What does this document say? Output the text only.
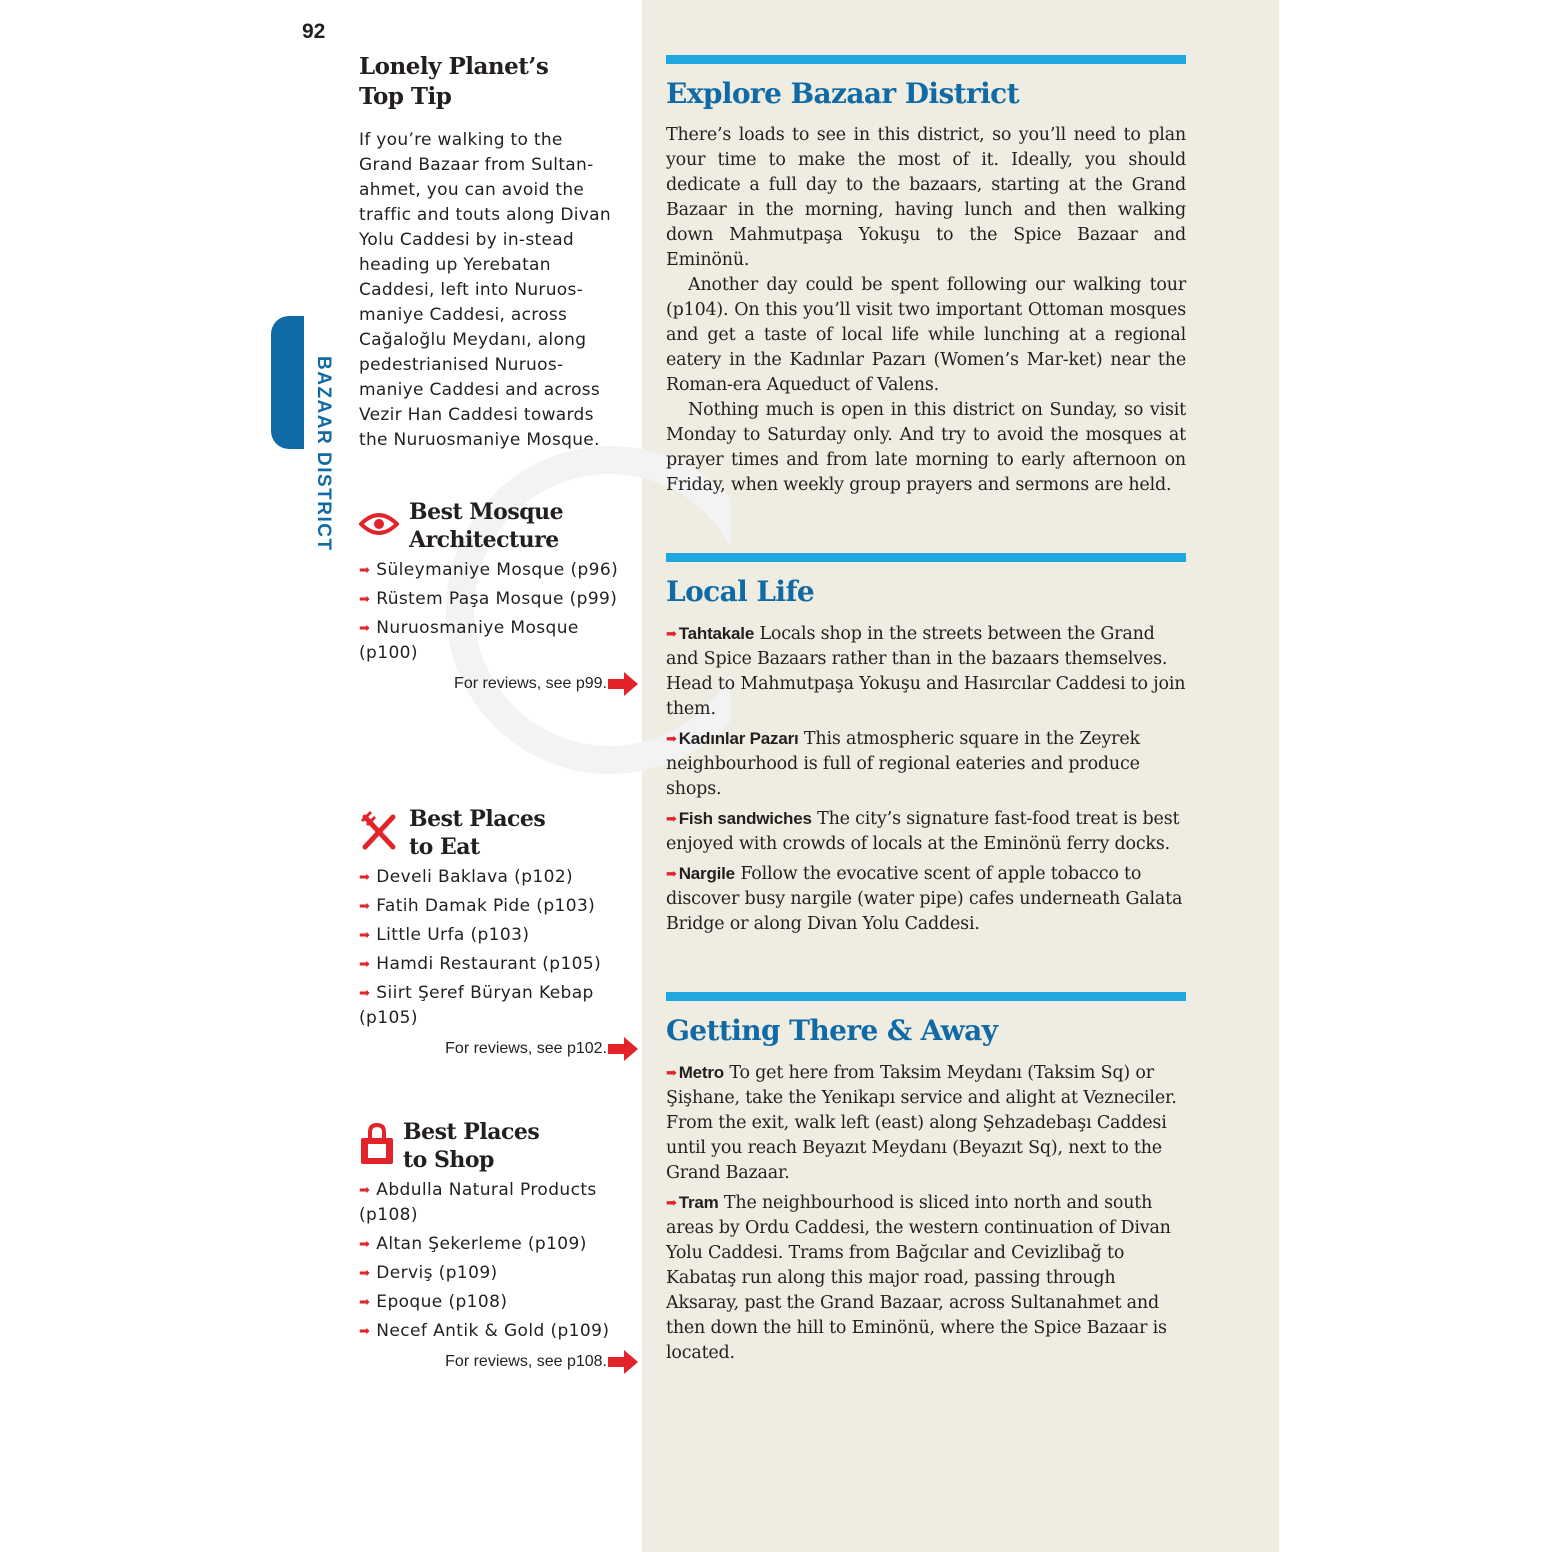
92
BAZAAR DISTRICT
Lonely Planet’s
Top Tip
If you’re walking to the Grand Bazaar from Sultan-ahmet, you can avoid the traffic and touts along Divan Yolu Caddesi by in-stead heading up Yerebatan Caddesi, left into Nuruos-maniye Caddesi, across Cağaloğlu Meydanı, along pedestrianised Nuruos-maniye Caddesi and across Vezir Han Caddesi towards the Nuruosmaniye Mosque.
Best Mosque
Architecture
➡ Süleymaniye Mosque (p96)
➡ Rüstem Paşa Mosque (p99)
➡ Nuruosmaniye Mosque (p100)
For reviews, see p99.
Best Places
to Eat
➡ Develi Baklava (p102)
➡ Fatih Damak Pide (p103)
➡ Little Urfa (p103)
➡ Hamdi Restaurant (p105)
➡ Siirt Şeref Büryan Kebap (p105)
For reviews, see p102.
Best Places
to Shop
➡ Abdulla Natural Products (p108)
➡ Altan Şekerleme (p109)
➡ Derviş (p109)
➡ Epoque (p108)
➡ Necef Antik & Gold (p109)
For reviews, see p108.
Explore Bazaar District

There’s loads to see in this district, so you’ll need to plan your time to make the most of it. Ideally, you should dedicate a full day to the bazaars, starting at the Grand Bazaar in the morning, having lunch and then walking down Mahmutpaşa Yokuşu to the Spice Bazaar and Eminönü.

Another day could be spent following our walking tour (p104). On this you’ll visit two important Ottoman mosques and get a taste of local life while lunching at a regional eatery in the Kadınlar Pazarı (Women’s Mar-ket) near the Roman-era Aqueduct of Valens.

Nothing much is open in this district on Sunday, so visit Monday to Saturday only. And try to avoid the mosques at prayer times and from late morning to early afternoon on Friday, when weekly group prayers and sermons are held.

Local Life
➡ Tahtakale Locals shop in the streets between the Grand and Spice Bazaars rather than in the bazaars themselves. Head to Mahmutpaşa Yokuşu and Hasırcılar Caddesi to join them.
➡ Kadınlar Pazarı This atmospheric square in the Zeyrek neighbourhood is full of regional eateries and produce shops.
➡ Fish sandwiches The city’s signature fast-food treat is best enjoyed with crowds of locals at the Eminönü ferry docks.
➡ Nargile Follow the evocative scent of apple tobacco to discover busy nargile (water pipe) cafes underneath Galata Bridge or along Divan Yolu Caddesi.
Getting There & Away
➡ Metro To get here from Taksim Meydanı (Taksim Sq) or Şişhane, take the Yenikapı service and alight at Vezneciler. From the exit, walk left (east) along Şehzadebaşı Caddesi until you reach Beyazıt Meydanı (Beyazıt Sq), next to the Grand Bazaar.
➡ Tram The neighbourhood is sliced into north and south areas by Ordu Caddesi, the western continuation of Divan Yolu Caddesi. Trams from Bağcılar and Cevizlibağ to Kabataş run along this major road, passing through Aksaray, past the Grand Bazaar, across Sultanahmet and then down the hill to Eminönü, where the Spice Bazaar is located.
